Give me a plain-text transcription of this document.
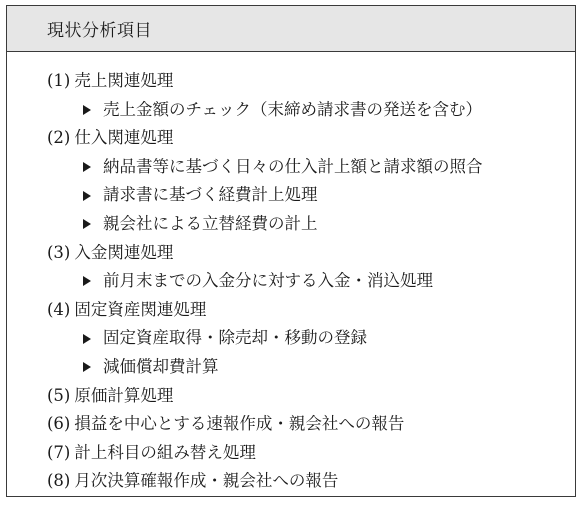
現状分析項目
(1) 売上関連処理
売上金額のチェック（末締め請求書の発送を含む）
(2) 仕入関連処理
納品書等に基づく日々の仕入計上額と請求額の照合
請求書に基づく経費計上処理
親会社による立替経費の計上
(3) 入金関連処理
前月末までの入金分に対する入金・消込処理
(4) 固定資産関連処理
固定資産取得・除売却・移動の登録
減価償却費計算
(5) 原価計算処理
(6) 損益を中心とする速報作成・親会社への報告
(7) 計上科目の組み替え処理
(8) 月次決算確報作成・親会社への報告
